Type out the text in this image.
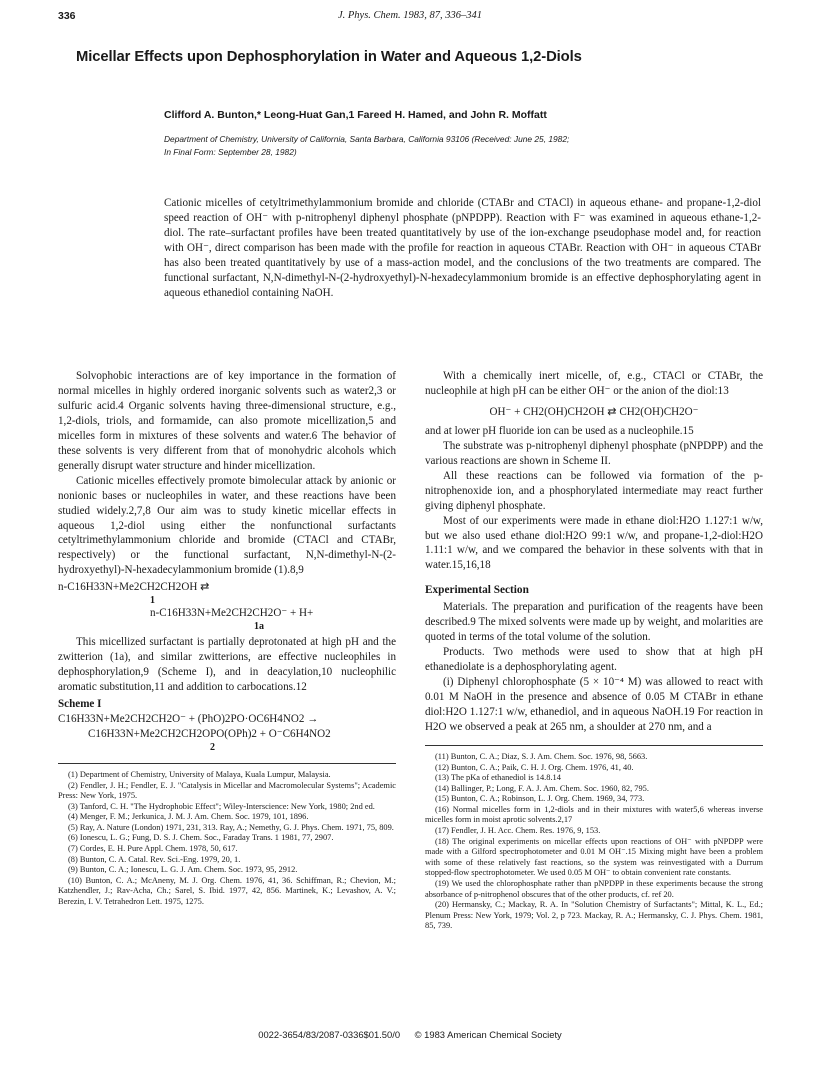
336	J. Phys. Chem. 1983, 87, 336–341
Micellar Effects upon Dephosphorylation in Water and Aqueous 1,2-Diols
Clifford A. Bunton,* Leong-Huat Gan,1 Fareed H. Hamed, and John R. Moffatt
Department of Chemistry, University of California, Santa Barbara, California 93106 (Received: June 25, 1982;
In Final Form: September 28, 1982)

Cationic micelles of cetyltrimethylammonium bromide and chloride (CTABr and CTACl) in aqueous ethane- and propane-1,2-diol speed reaction of OH⁻ with p-nitrophenyl diphenyl phosphate (pNPDPP). Reaction with F⁻ was examined in aqueous ethane-1,2-diol. The rate–surfactant profiles have been treated quantitatively by use of the ion-exchange pseudophase model and, for reaction with OH⁻, direct comparison has been made with the profile for reaction in aqueous CTABr. Reaction with OH⁻ in aqueous CTABr has also been treated quantitatively by use of a mass-action model, and the conclusions of the two treatments are compared. The functional surfactant, N,N-dimethyl-N-(2-hydroxyethyl)-N-hexadecylammonium bromide is an effective dephosphorylating agent in aqueous ethanediol containing NaOH.

Solvophobic interactions are of key importance in the formation of normal micelles in highly ordered inorganic solvents such as water2,3 or sulfuric acid.4 Organic solvents having three-dimensional structure, e.g., 1,2-diols, triols, and formamide, can also promote micellization,5 and micelles form in mixtures of these solvents and water.6 The behavior of these solvents is very different from that of monohydric alcohols which generally disrupt water structure and hinder micellization.

Cationic micelles effectively promote bimolecular attack by anionic or nonionic bases or nucleophiles in water, and these reactions have been studied widely.2,7,8 Our aim was to study kinetic micellar effects in aqueous 1,2-diol using either the nonfunctional surfactants cetyltrimethylammonium chloride and bromide (CTACl and CTABr, respectively) or the functional surfactant, N,N-dimethyl-N-(2-hydroxyethyl)-N-hexadecylammonium bromide (1).8,9

n-C16H33N+Me2CH2CH2OH ⇄
1
n-C16H33N+Me2CH2CH2O⁻ + H+
1a

This micellized surfactant is partially deprotonated at high pH and the zwitterion (1a), and similar zwitterions, are effective nucleophiles in dephosphorylation,9 (Scheme I), and in deacylation,10 nucleophilic aromatic substitution,11 and addition to carbocations.12

Scheme I
C16H33N+Me2CH2CH2O⁻ + (PhO)2PO·OC6H4NO2 →
C16H33N+Me2CH2CH2OPO(OPh)2 + O⁻C6H4NO2
2

(1) Department of Chemistry, University of Malaya, Kuala Lumpur, Malaysia.

(2) Fendler, J. H.; Fendler, E. J. "Catalysis in Micellar and Macromolecular Systems"; Academic Press: New York, 1975.

(3) Tanford, C. H. "The Hydrophobic Effect"; Wiley-Interscience: New York, 1980; 2nd ed.

(4) Menger, F. M.; Jerkunica, J. M. J. Am. Chem. Soc. 1979, 101, 1896.

(5) Ray, A. Nature (London) 1971, 231, 313. Ray, A.; Nemethy, G. J. Phys. Chem. 1971, 75, 809.

(6) Ionescu, L. G.; Fung, D. S. J. Chem. Soc., Faraday Trans. 1 1981, 77, 2907.

(7) Cordes, E. H. Pure Appl. Chem. 1978, 50, 617.

(8) Bunton, C. A. Catal. Rev. Sci.-Eng. 1979, 20, 1.

(9) Bunton, C. A.; Ionescu, L. G. J. Am. Chem. Soc. 1973, 95, 2912.

(10) Bunton, C. A.; McAneny, M. J. Org. Chem. 1976, 41, 36. Schiffman, R.; Chevion, M.; Katzhendler, J.; Rav-Acha, Ch.; Sarel, S. Ibid. 1977, 42, 856. Martinek, K.; Levashov, A. V.; Berezin, I. V. Tetrahedron Lett. 1975, 1275.

With a chemically inert micelle, of, e.g., CTACl or CTABr, the nucleophile at high pH can be either OH⁻ or the anion of the diol:13

OH⁻ + CH2(OH)CH2OH ⇄ CH2(OH)CH2O⁻

and at lower pH fluoride ion can be used as a nucleophile.15

The substrate was p-nitrophenyl diphenyl phosphate (pNPDPP) and the various reactions are shown in Scheme II.

All these reactions can be followed via formation of the p-nitrophenoxide ion, and a phosphorylated intermediate may react further giving diphenyl phosphate.

Most of our experiments were made in ethane diol:H2O 1.127:1 w/w, but we also used ethane diol:H2O 99:1 w/w, and propane-1,2-diol:H2O 1.11:1 w/w, and we compared the behavior in these solvents with that in water.15,16,18

Experimental Section

Materials. The preparation and purification of the reagents have been described.9 The mixed solvents were made up by weight, and molarities are quoted in terms of the total volume of the solution.

Products. Two methods were used to show that at high pH ethanediolate is a dephosphorylating agent.

(i) Diphenyl chlorophosphate (5 × 10⁻⁴ M) was allowed to react with 0.01 M NaOH in the presence and absence of 0.05 M CTABr in ethane diol:H2O 1.127:1 w/w, ethanediol, and in aqueous NaOH.19 For reaction in H2O we observed a peak at 265 nm, a shoulder at 270 nm, and a

(11) Bunton, C. A.; Diaz, S. J. Am. Chem. Soc. 1976, 98, 5663.

(12) Bunton, C. A.; Paik, C. H. J. Org. Chem. 1976, 41, 40.

(13) The pKa of ethanediol is 14.8.14

(14) Ballinger, P.; Long, F. A. J. Am. Chem. Soc. 1960, 82, 795.

(15) Bunton, C. A.; Robinson, L. J. Org. Chem. 1969, 34, 773.

(16) Normal micelles form in 1,2-diols and in their mixtures with water5,6 whereas inverse micelles form in moist aprotic solvents.2,17

(17) Fendler, J. H. Acc. Chem. Res. 1976, 9, 153.

(18) The original experiments on micellar effects upon reactions of OH⁻ with pNPDPP were made with a Gilford spectrophotometer and 0.01 M OH⁻.15 Mixing might have been a problem with some of these relatively fast reactions, so the system was reinvestigated with a Durrum stopped-flow spectrophotometer. We used 0.05 M OH⁻ to obtain convenient rate constants.

(19) We used the chlorophosphate rather than pNPDPP in these experiments because the strong absorbance of p-nitrophenol obscures that of the other products, cf. ref 20.

(20) Hermansky, C.; Mackay, R. A. In "Solution Chemistry of Surfactants"; Mittal, K. L., Ed.; Plenum Press: New York, 1979; Vol. 2, p 723. Mackay, R. A.; Hermansky, C. J. Phys. Chem. 1981, 85, 739.

0022-3654/83/2087-0336$01.50/0 © 1983 American Chemical Society
